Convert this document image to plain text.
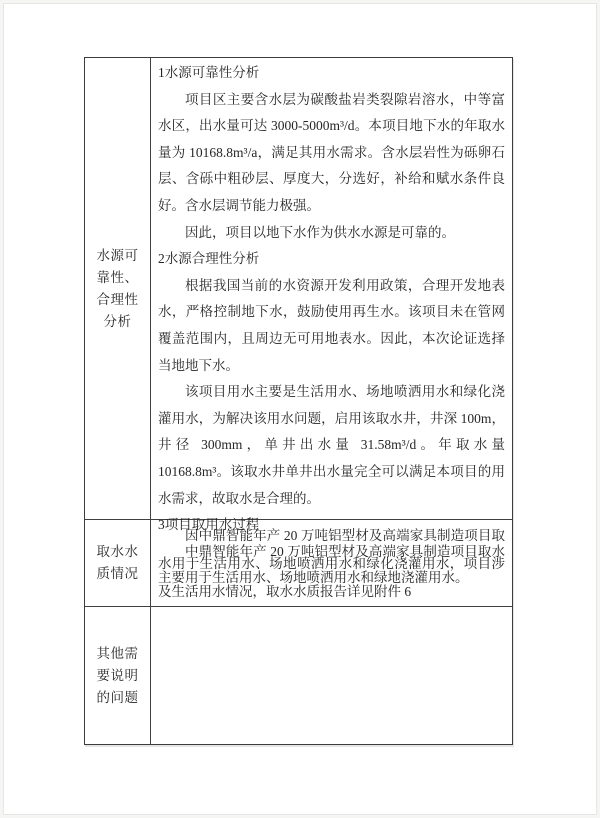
水源可靠性、合理性分析
1水源可靠性分析

项目区主要含水层为碳酸盐岩类裂隙岩溶水，中等富水区，出水量可达 3000-5000m³/d。本项目地下水的年取水量为 10168.8m³/a，满足其用水需求。含水层岩性为砾卵石层、含砾中粗砂层、厚度大，分选好，补给和赋水条件良好。含水层调节能力极强。

因此，项目以地下水作为供水水源是可靠的。

2水源合理性分析

根据我国当前的水资源开发利用政策，合理开发地表水，严格控制地下水，鼓励使用再生水。该项目未在管网覆盖范围内，且周边无可用地表水。因此，本次论证选择当地地下水。

该项目用水主要是生活用水、场地喷洒用水和绿化浇灌用水，为解决该用水问题，启用该取水井，井深 100m，井径 300mm，单井出水量 31.58m³/d。年取水量 10168.8m³。该取水井单井出水量完全可以满足本项目的用水需求，故取水是合理的。

3项目取用水过程

中鼎智能年产 20 万吨铝型材及高端家具制造项目取水主要用于生活用水、场地喷洒用水和绿地浇灌用水。

取水水质情况

因中鼎智能年产 20 万吨铝型材及高端家具制造项目取水用于生活用水、场地喷洒用水和绿化浇灌用水，项目涉及生活用水情况，取水水质报告详见附件 6

其他需要说明的问题
